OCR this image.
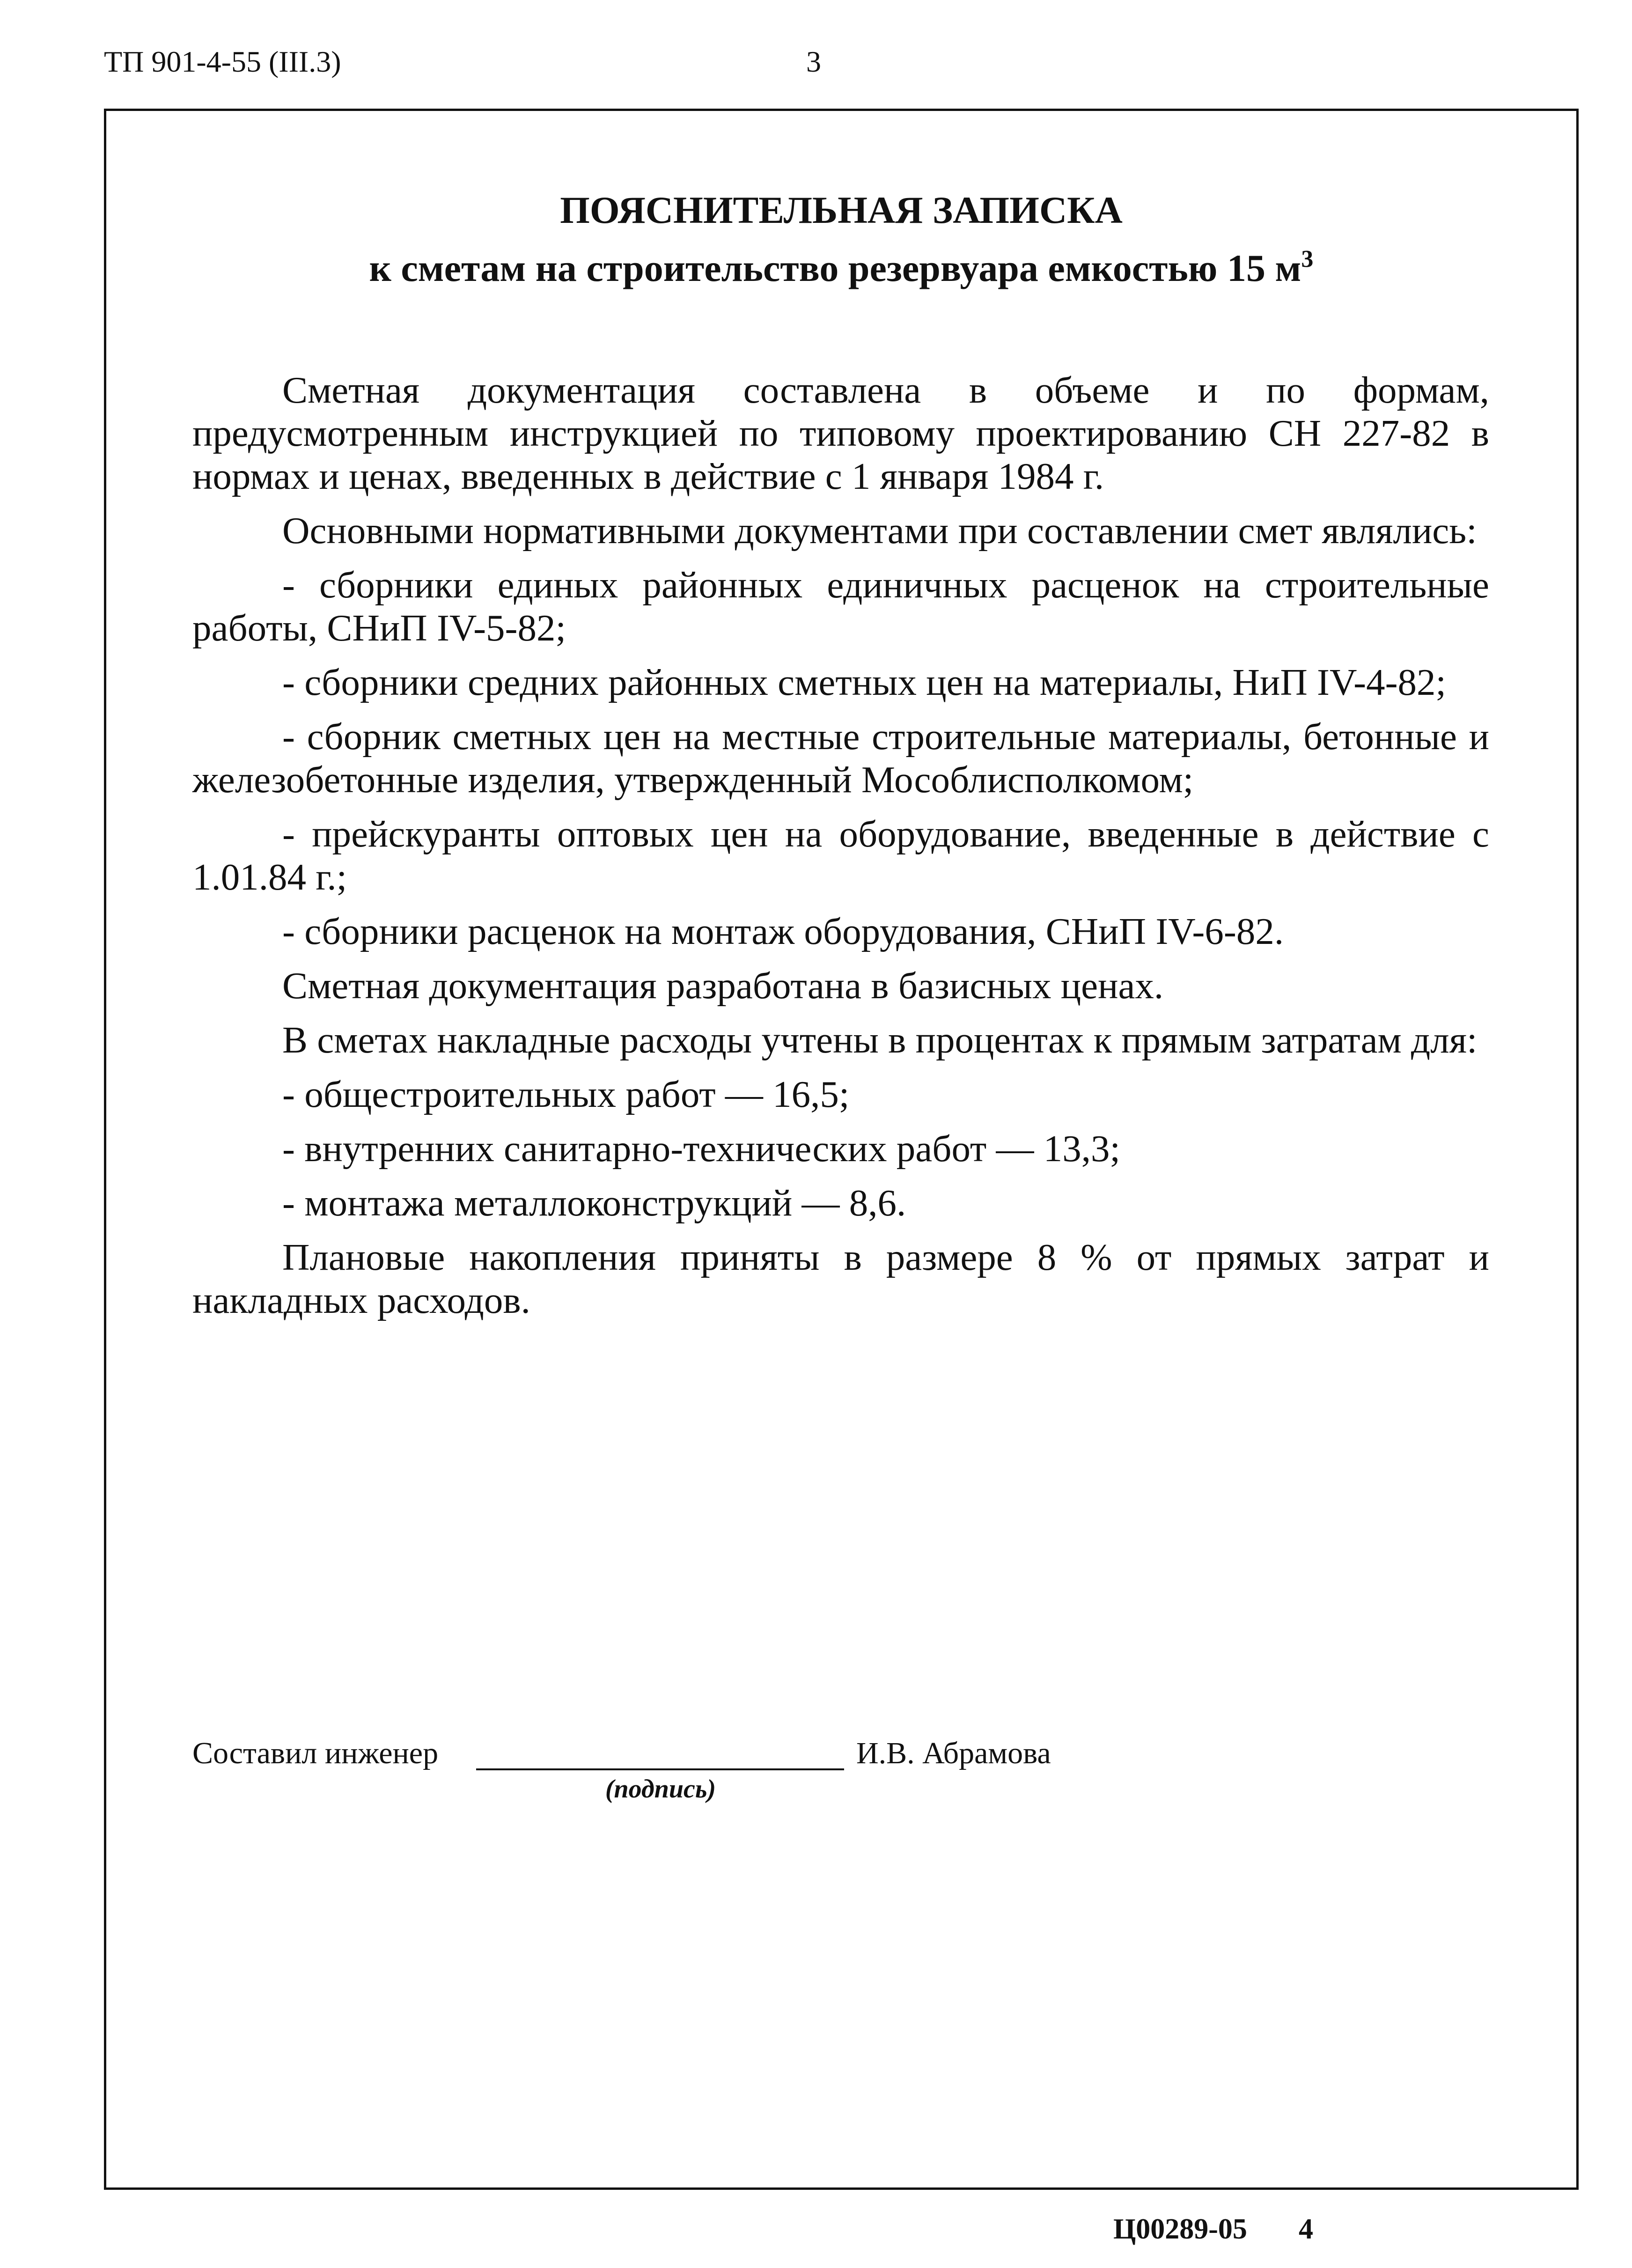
ТП 901-4-55 (III.3)	3
ПОЯСНИТЕЛЬНАЯ ЗАПИСКА
к сметам на строительство резервуара емкостью 15 $м^3$

Сметная документация составлена в объеме и по формам, предусмотренным инструкцией по типовому проектированию СН 227-82 в нормах и ценах, введенных в действие с 1 января 1984 г.

Основными нормативными документами при составлении смет являлись:

- сборники единых районных единичных расценок на строительные работы, СНиП IV-5-82;

- сборники средних районных сметных цен на материалы, НиП IV-4-82;

- сборник сметных цен на местные строительные материалы, бетонные и железобетонные изделия, утвержденный Мособлисполкомом;

- прейскуранты оптовых цен на оборудование, введенные в действие с 1.01.84 г.;

- сборники расценок на монтаж оборудования, СНиП IV-6-82.

Сметная документация разработана в базисных ценах.

В сметах накладные расходы учтены в процентах к прямым затратам для:

- общестроительных работ — 16,5;

- внутренних санитарно-технических работ — 13,3;

- монтажа металлоконструкций — 8,6.

Плановые накопления приняты в размере 8 % от прямых затрат и накладных расходов.

Составил инженер
(подпись)
И.В. Абрамова
Ц00289-05 4
